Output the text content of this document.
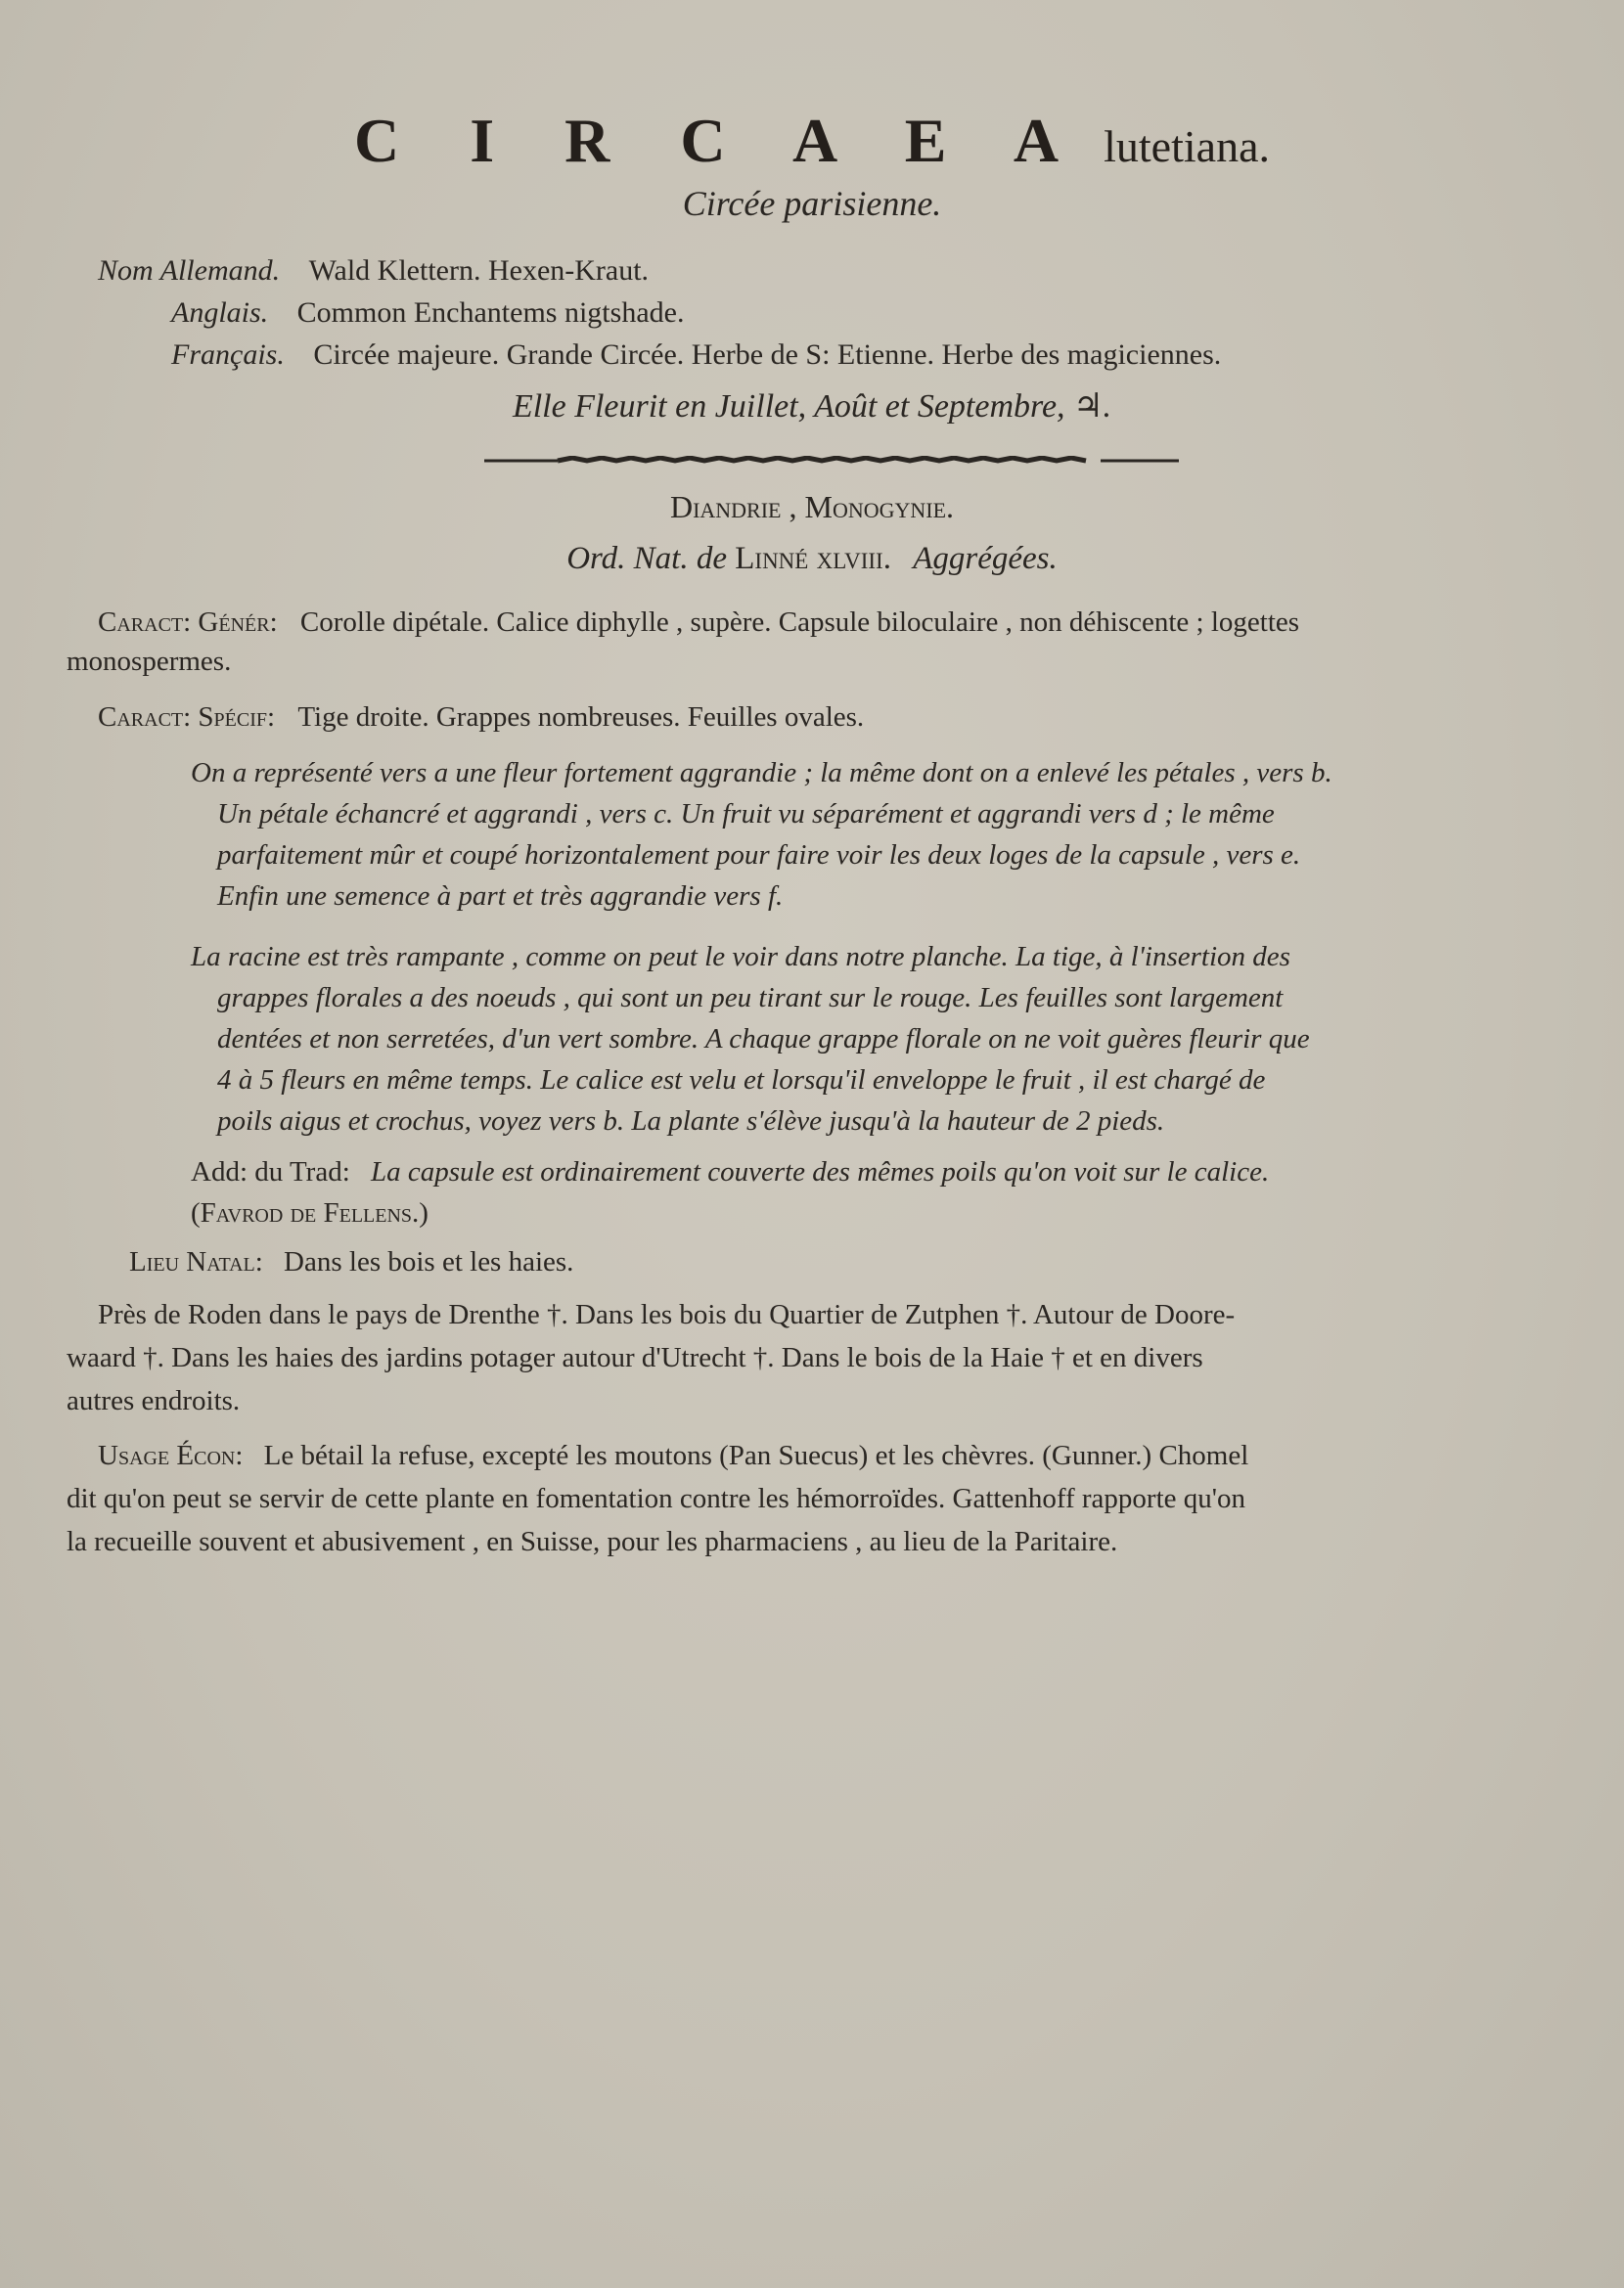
C I R C A E A lutetiana.
Circée parisienne.
Nom Allemand. Wald Klettern. Hexen-Kraut.
Anglais. Common Enchantems nigtshade.
Français. Circée majeure. Grande Circée. Herbe de S: Etienne. Herbe des magiciennes.
Elle Fleurit en Juillet, Août et Septembre, ♃.
Diandrie , Monogynie.
Ord. Nat. de Linné xlviii. Aggrégées.
Caract: Génér: Corolle dipétale. Calice diphylle , supère. Capsule biloculaire , non déhiscente ; logettes
monospermes.
Caract: Spécif: Tige droite. Grappes nombreuses. Feuilles ovales.
On a représenté vers a une fleur fortement aggrandie ; la même dont on a enlevé les pétales , vers b.
Un pétale échancré et aggrandi , vers c. Un fruit vu séparément et aggrandi vers d ; le même
parfaitement mûr et coupé horizontalement pour faire voir les deux loges de la capsule , vers e.
Enfin une semence à part et très aggrandie vers f.
La racine est très rampante , comme on peut le voir dans notre planche. La tige, à l'insertion des
grappes florales a des noeuds , qui sont un peu tirant sur le rouge. Les feuilles sont largement
dentées et non serretées, d'un vert sombre. A chaque grappe florale on ne voit guères fleurir que
4 à 5 fleurs en même temps. Le calice est velu et lorsqu'il enveloppe le fruit , il est chargé de
poils aigus et crochus, voyez vers b. La plante s'élève jusqu'à la hauteur de 2 pieds.
Add: du Trad: La capsule est ordinairement couverte des mêmes poils qu'on voit sur le calice.
(Favrod de Fellens.)
Lieu Natal: Dans les bois et les haies.
Près de Roden dans le pays de Drenthe †. Dans les bois du Quartier de Zutphen †. Autour de Doore-
waard †. Dans les haies des jardins potager autour d'Utrecht †. Dans le bois de la Haie † et en divers
autres endroits.
Usage Écon: Le bétail la refuse, excepté les moutons (Pan Suecus) et les chèvres. (Gunner.) Chomel
dit qu'on peut se servir de cette plante en fomentation contre les hémorroïdes. Gattenhoff rapporte qu'on
la recueille souvent et abusivement , en Suisse, pour les pharmaciens , au lieu de la Paritaire.
